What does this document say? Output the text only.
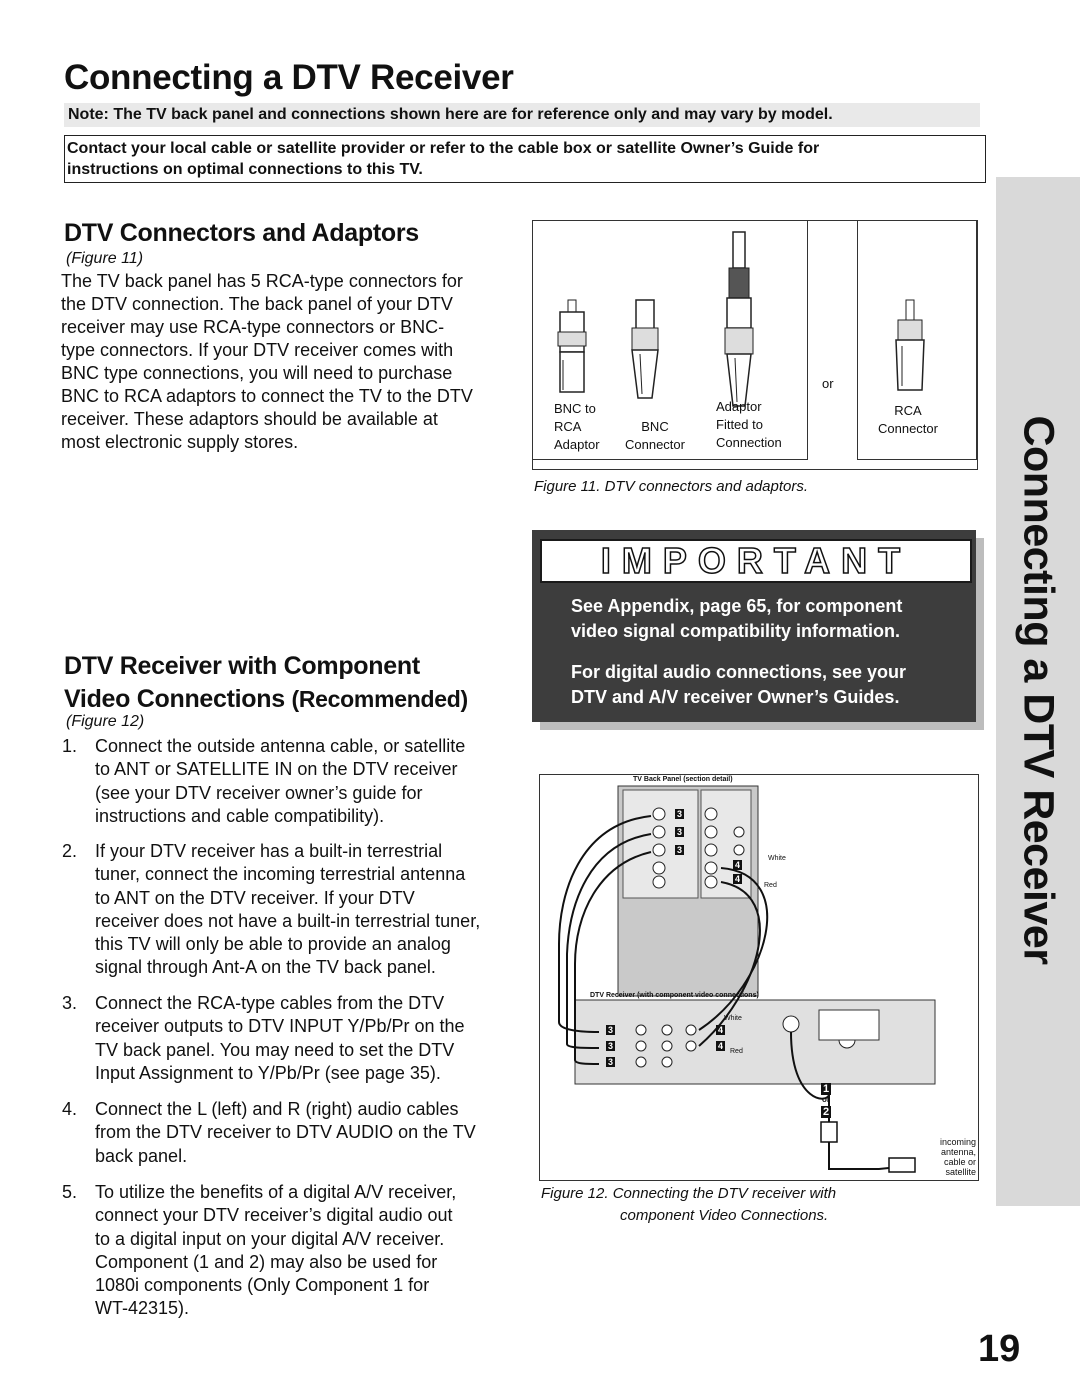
Connecting a DTV Receiver
Note: The TV back panel and connections shown here are for reference only and may vary by model.
Contact your local cable or satellite provider or refer to the cable box or satellite Owner’s Guide for
instructions on optimal connections to this TV.
Connecting a DTV Receiver
DTV Connectors and Adaptors
(Figure 11)
The TV back panel has 5 RCA-type connectors for
the DTV connection. The back panel of your DTV
receiver may use RCA-type connectors or BNC-
type connectors. If your DTV receiver comes with
BNC type connections, you will need to purchase
BNC to RCA adaptors to connect the TV to the DTV
receiver. These adaptors should be available at
most electronic supply stores.
BNC to
RCA
Adaptor
BNC
Connector
Adaptor
Fitted to
Connection
or
RCA
Connector
Figure 11. DTV connectors and adaptors.
IMPORTANT
See Appendix, page 65, for component
video signal compatibility information.
For digital audio connections, see your
DTV and A/V receiver Owner’s Guides.
DTV Receiver with Component
Video Connections (Recommended)
(Figure 12)
1. Connect the outside antenna cable, or satellite
to ANT or SATELLITE IN on the DTV receiver
(see your DTV receiver owner’s guide for
instructions and cable compatibility).
2. If your DTV receiver has a built-in terrestrial
tuner, connect the incoming terrestrial antenna
to ANT on the DTV receiver. If your DTV
receiver does not have a built-in terrestrial tuner,
this TV will only be able to provide an analog
signal through Ant-A on the TV back panel.
3. Connect the RCA-type cables from the DTV
receiver outputs to DTV INPUT Y/Pb/Pr on the
TV back panel. You may need to set the DTV
Input Assignment to Y/Pb/Pr (see page 35).
4. Connect the L (left) and R (right) audio cables
from the DTV receiver to DTV AUDIO on the TV
back panel.
5. To utilize the benefits of a digital A/V receiver,
connect your DTV receiver’s digital audio out
to a digital input on your digital A/V receiver.
Component (1 and 2) may also be used for
1080i components (Only Component 1 for
WT-42315).
TV Back Panel (section detail)
DTV Receiver (with component video connections)
3
3
3
4
4
White
Red
3
3
3
4
4
White
Red
1
or
2
incoming
antenna,
cable or
satellite
Figure 12. Connecting the DTV receiver with
component Video Connections.
19
